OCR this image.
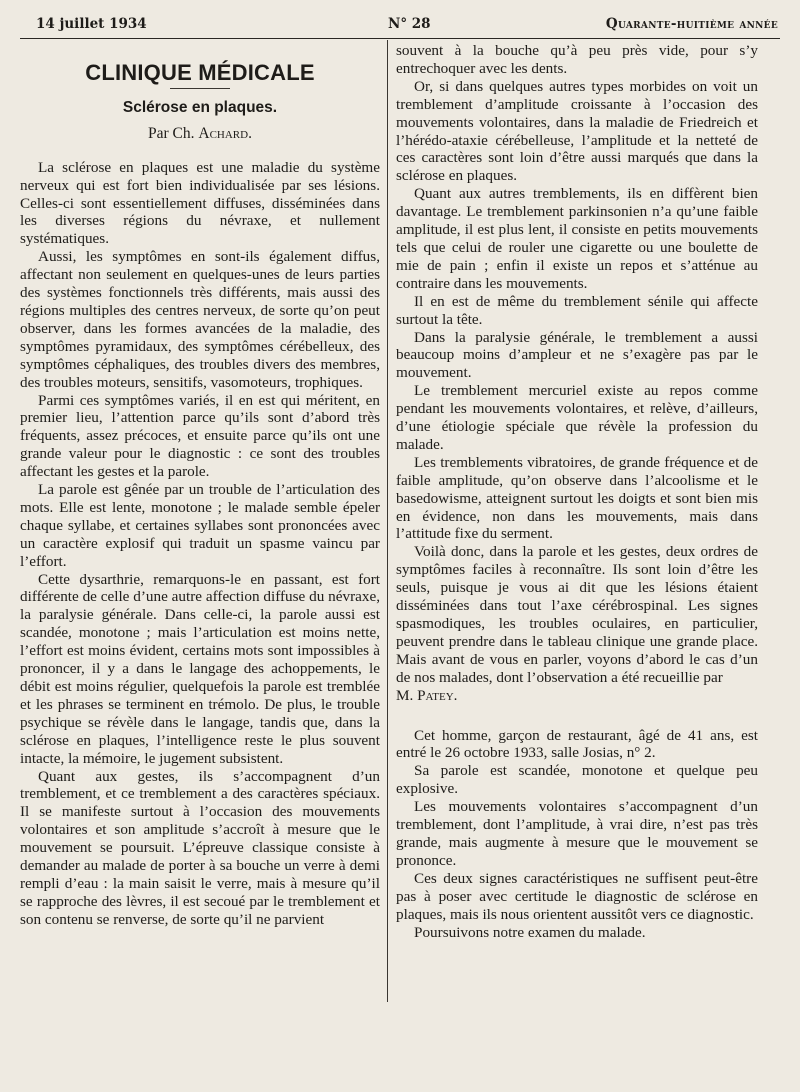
14 juillet 1934	N° 28	Quarante-huitième année
CLINIQUE MÉDICALE
Sclérose en plaques.
Par Ch. Achard.

La sclérose en plaques est une maladie du système nerveux qui est fort bien individualisée par ses lésions. Celles-ci sont essentiellement diffuses, disséminées dans les diverses régions du névraxe, et nullement systématiques.

Aussi, les symptômes en sont-ils également diffus, affectant non seulement en quelques-unes de leurs parties des systèmes fonctionnels très différents, mais aussi des régions multiples des centres nerveux, de sorte qu’on peut observer, dans les formes avancées de la maladie, des symptômes pyramidaux, des symptômes cérébelleux, des symptômes céphaliques, des troubles divers des membres, des troubles moteurs, sensitifs, vasomoteurs, trophiques.

Parmi ces symptômes variés, il en est qui méritent, en premier lieu, l’attention parce qu’ils sont d’abord très fréquents, assez précoces, et ensuite parce qu’ils ont une grande valeur pour le diagnostic : ce sont des troubles affectant les gestes et la parole.

La parole est gênée par un trouble de l’articulation des mots. Elle est lente, monotone ; le malade semble épeler chaque syllabe, et certaines syllabes sont prononcées avec un caractère explosif qui traduit un spasme vaincu par l’effort.

Cette dysarthrie, remarquons-le en passant, est fort différente de celle d’une autre affection diffuse du névraxe, la paralysie générale. Dans celle-ci, la parole aussi est scandée, monotone ; mais l’articulation est moins nette, l’effort est moins évident, certains mots sont impossibles à prononcer, il y a dans le langage des achoppements, le débit est moins régulier, quelquefois la parole est tremblée et les phrases se terminent en trémolo. De plus, le trouble psychique se révèle dans le langage, tandis que, dans la sclérose en plaques, l’intelligence reste le plus souvent intacte, la mémoire, le jugement subsistent.

Quant aux gestes, ils s’accompagnent d’un tremblement, et ce tremblement a des caractères spéciaux. Il se manifeste surtout à l’occasion des mouvements volontaires et son amplitude s’accroît à mesure que le mouvement se poursuit. L’épreuve classique consiste à demander au malade de porter à sa bouche un verre à demi rempli d’eau : la main saisit le verre, mais à mesure qu’il se rapproche des lèvres, il est secoué par le tremblement et son contenu se renverse, de sorte qu’il ne parvient

souvent à la bouche qu’à peu près vide, pour s’y entrechoquer avec les dents.

Or, si dans quelques autres types morbides on voit un tremblement d’amplitude croissante à l’occasion des mouvements volontaires, dans la maladie de Friedreich et l’hérédo-ataxie cérébelleuse, l’amplitude et la netteté de ces caractères sont loin d’être aussi marqués que dans la sclérose en plaques.

Quant aux autres tremblements, ils en diffèrent bien davantage. Le tremblement parkinsonien n’a qu’une faible amplitude, il est plus lent, il consiste en petits mouvements tels que celui de rouler une cigarette ou une boulette de mie de pain ; enfin il existe un repos et s’atténue au contraire dans les mouvements.

Il en est de même du tremblement sénile qui affecte surtout la tête.

Dans la paralysie générale, le tremblement a aussi beaucoup moins d’ampleur et ne s’exagère pas par le mouvement.

Le tremblement mercuriel existe au repos comme pendant les mouvements volontaires, et relève, d’ailleurs, d’une étiologie spéciale que révèle la profession du malade.

Les tremblements vibratoires, de grande fréquence et de faible amplitude, qu’on observe dans l’alcoolisme et le basedowisme, atteignent surtout les doigts et sont bien mis en évidence, non dans les mouvements, mais dans l’attitude fixe du serment.

Voilà donc, dans la parole et les gestes, deux ordres de symptômes faciles à reconnaître. Ils sont loin d’être les seuls, puisque je vous ai dit que les lésions étaient disséminées dans tout l’axe cérébrospinal. Les signes spasmodiques, les troubles oculaires, en particulier, peuvent prendre dans le tableau clinique une grande place. Mais avant de vous en parler, voyons d’abord le cas d’un de nos malades, dont l’observation a été recueillie par

M. Patey.

Cet homme, garçon de restaurant, âgé de 41 ans, est entré le 26 octobre 1933, salle Josias, n° 2.

Sa parole est scandée, monotone et quelque peu explosive.

Les mouvements volontaires s’accompagnent d’un tremblement, dont l’amplitude, à vrai dire, n’est pas très grande, mais augmente à mesure que le mouvement se prononce.

Ces deux signes caractéristiques ne suffisent peut-être pas à poser avec certitude le diagnostic de sclérose en plaques, mais ils nous orientent aussitôt vers ce diagnostic.

Poursuivons notre examen du malade.
